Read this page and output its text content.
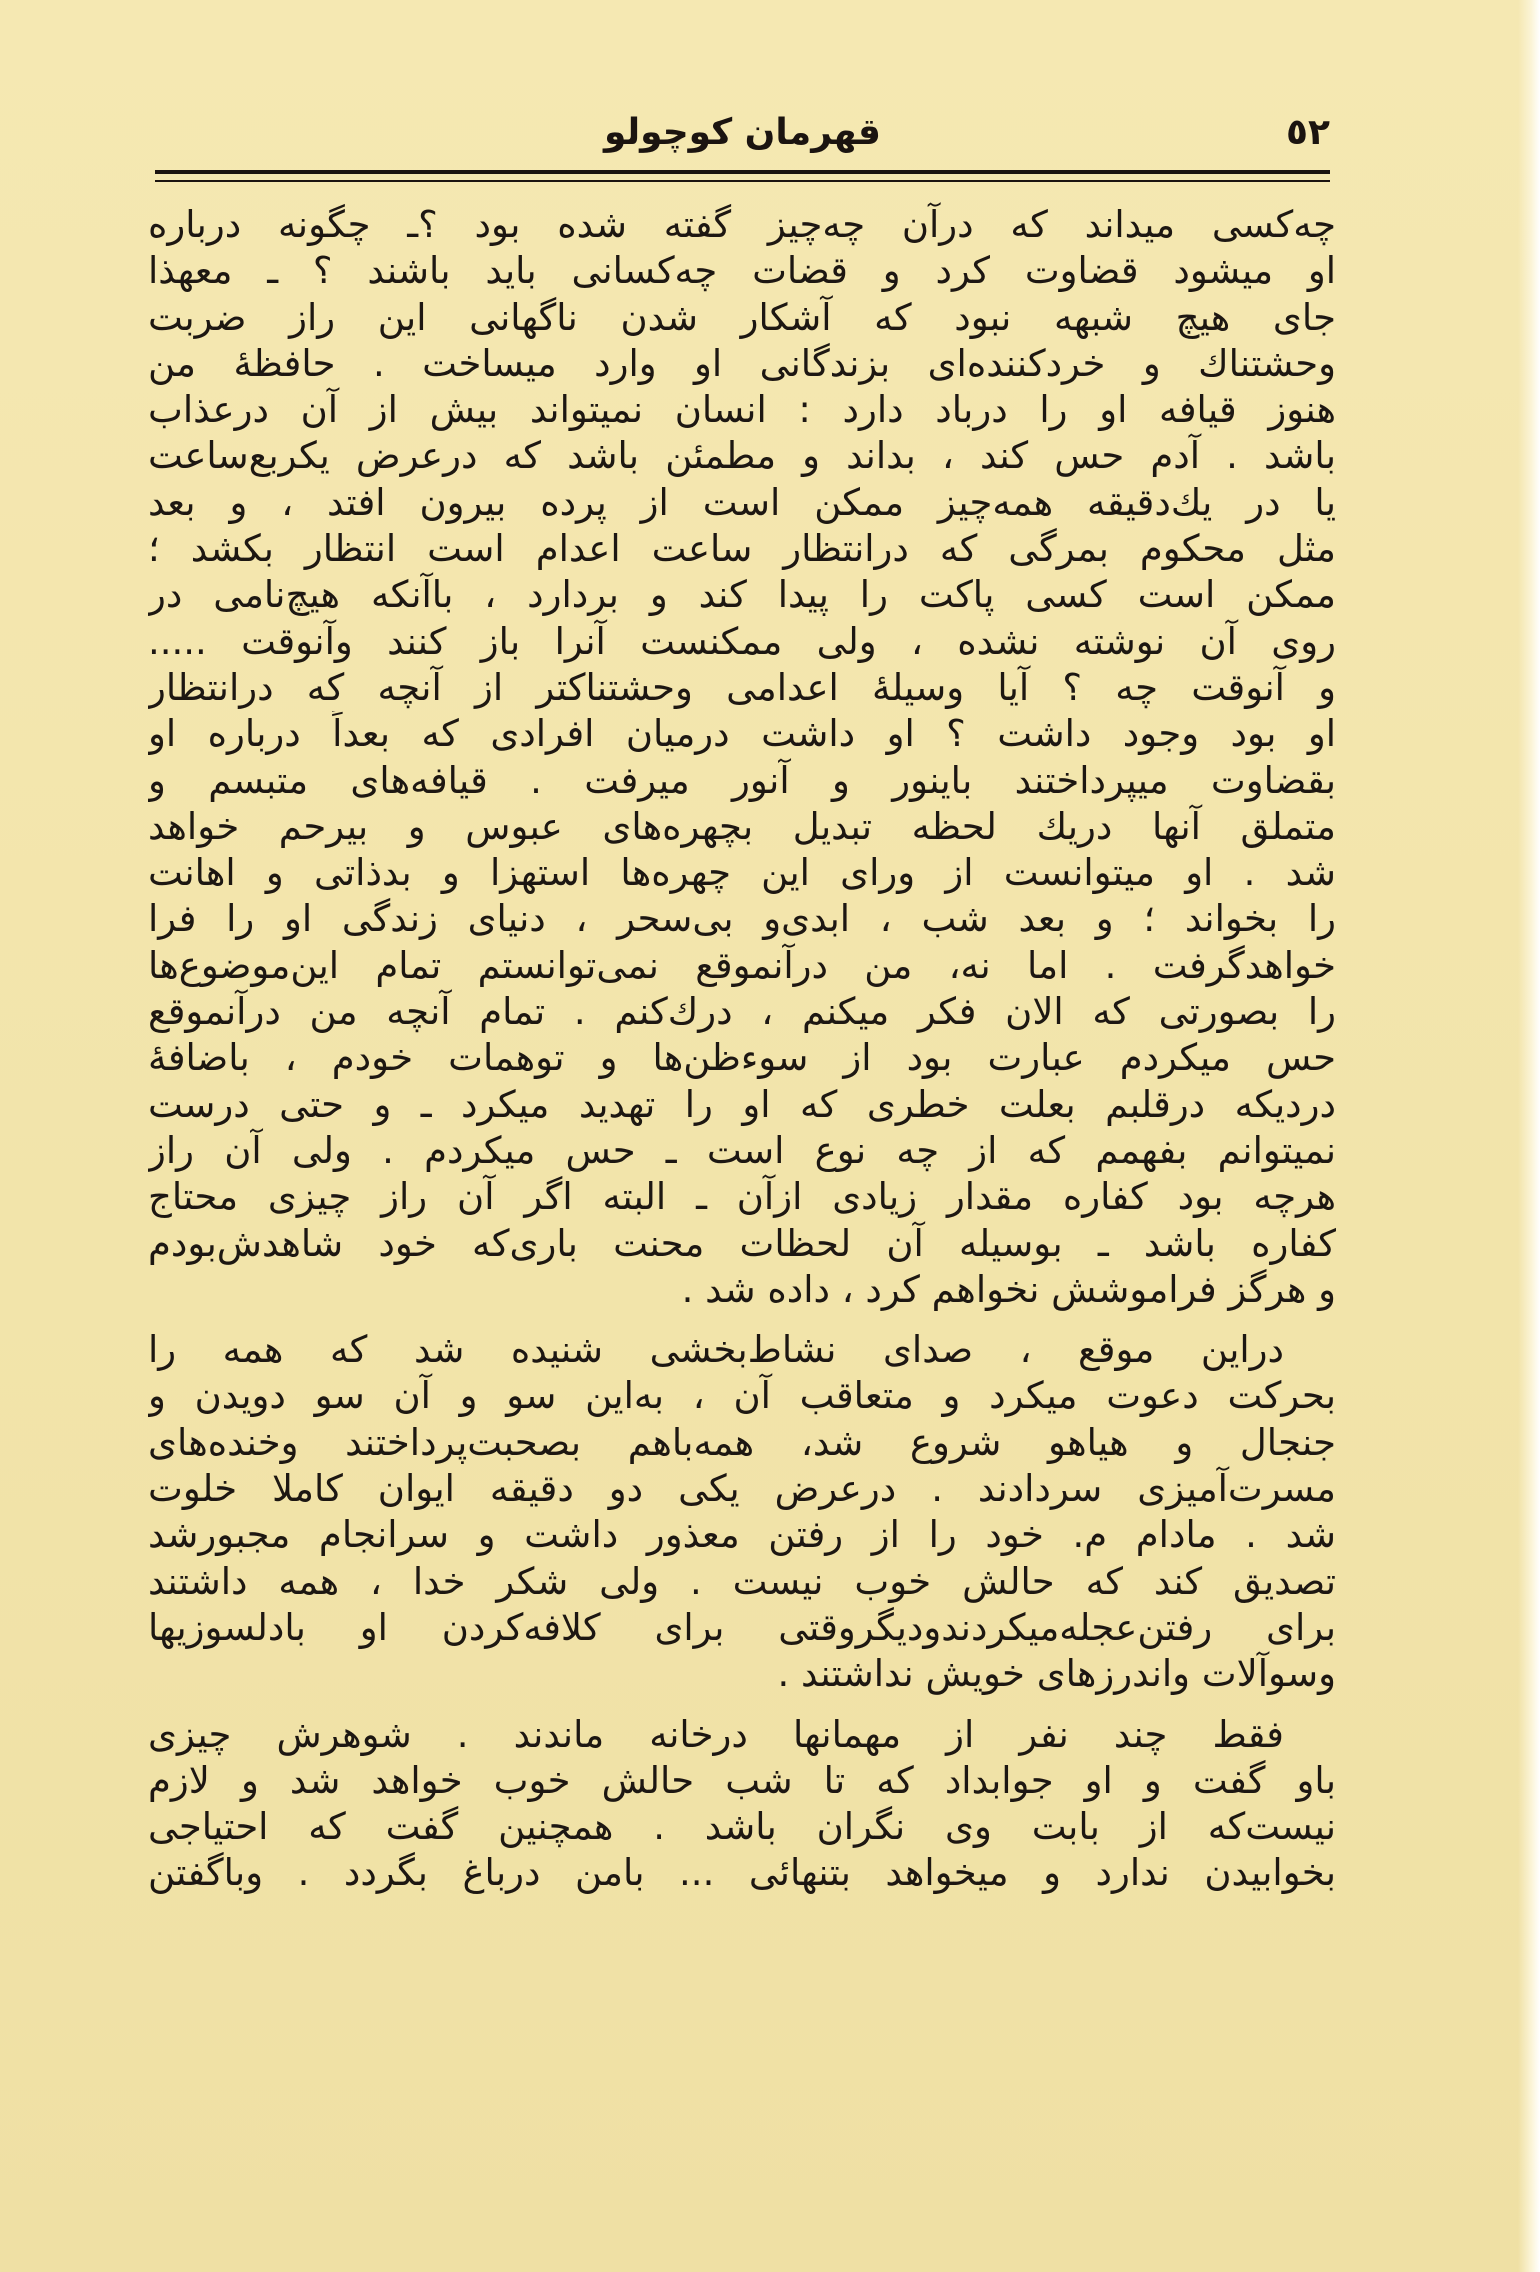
٥٢
قهرمان کوچولو
چه‌کسی میداند که درآن چه‌چیز گفته شده بود ؟ـ چگونه درباره
او میشود قضاوت کرد و قضات چه‌کسانی باید باشند ؟ ـ معهذا
جای هیچ شبهه نبود که آشکار شدن ناگهانی این راز ضربت
وحشتناك و خردکننده‌ای بزندگانی او وارد میساخت . حافظهٔ من
هنوز قیافه او را درباد دارد : انسان نمیتواند بیش از آن درعذاب
باشد . آدم حس کند ، بداند و مطمئن باشد که درعرض یکربع‌ساعت
یا در یك‌دقیقه همه‌چیز ممکن است از پرده بیرون افتد ، و بعد
مثل محکوم بمرگی که درانتظار ساعت اعدام است انتظار بکشد ؛
ممکن است کسی پاکت را پیدا کند و بردارد ، باآنکه هیچ‌نامی در
روی آن نوشته نشده ، ولی ممکنست آنرا باز کنند وآنوقت .....
و آنوقت چه ؟ آیا وسیلهٔ اعدامی وحشتناکتر از آنچه که درانتظار
او بود وجود داشت ؟ او داشت درمیان افرادی که بعداً درباره او
بقضاوت میپرداختند باینور و آنور میرفت . قیافه‌های متبسم و
متملق آنها دریك لحظه تبدیل بچهره‌های عبوس و بیرحم خواهد
شد . او میتوانست از ورای این چهره‌ها استهزا و بدذاتی و اهانت
را بخواند ؛ و بعد شب ، ابدی‌و بی‌سحر ، دنیای زندگی او را فرا
خواهدگرفت . اما نه، من درآنموقع نمی‌توانستم تمام این‌موضوع‌ها
را بصورتی که الان فکر میکنم ، درك‌کنم . تمام آنچه من درآنموقع
حس میکردم عبارت بود از سوءظن‌ها و توهمات خودم ، باضافهٔ
دردیکه درقلبم بعلت خطری که او را تهدید میکرد ـ و حتی درست
نمیتوانم بفهمم که از چه نوع است ـ حس میکردم . ولی آن راز
هرچه بود کفاره مقدار زیادی ازآن ـ البته اگر آن راز چیزی محتاج
کفاره باشد ـ بوسیله آن لحظات محنت باری‌که خود شاهدش‌بودم
و هرگز فراموشش نخواهم کرد ، داده شد .
دراین موقع ، صدای نشاط‌بخشی شنیده شد که همه را
بحرکت دعوت میکرد و متعاقب آن ، به‌این سو و آن سو دویدن و
جنجال و هیاهو شروع شد، همه‌باهم بصحبت‌پرداختند وخنده‌های
مسرت‌آمیزی سردادند . درعرض یکی دو دقیقه ایوان کاملا خلوت
شد . مادام م. خود را از رفتن معذور داشت و سرانجام مجبورشد
تصدیق کند که حالش خوب نیست . ولی شکر خدا ، همه داشتند
برای رفتن‌عجله‌میکردندودیگروقتی برای کلافه‌کردن او بادلسوزیها
وسوآلات واندرزهای خویش نداشتند .
فقط چند نفر از مهمانها درخانه ماندند . شوهرش چیزی
باو گفت و او جوابداد که تا شب حالش خوب خواهد شد و لازم
نیست‌که از بابت وی نگران باشد . همچنین گفت که احتیاجی
بخوابیدن ندارد و میخواهد بتنهائی ... بامن درباغ بگردد . وباگفتن
